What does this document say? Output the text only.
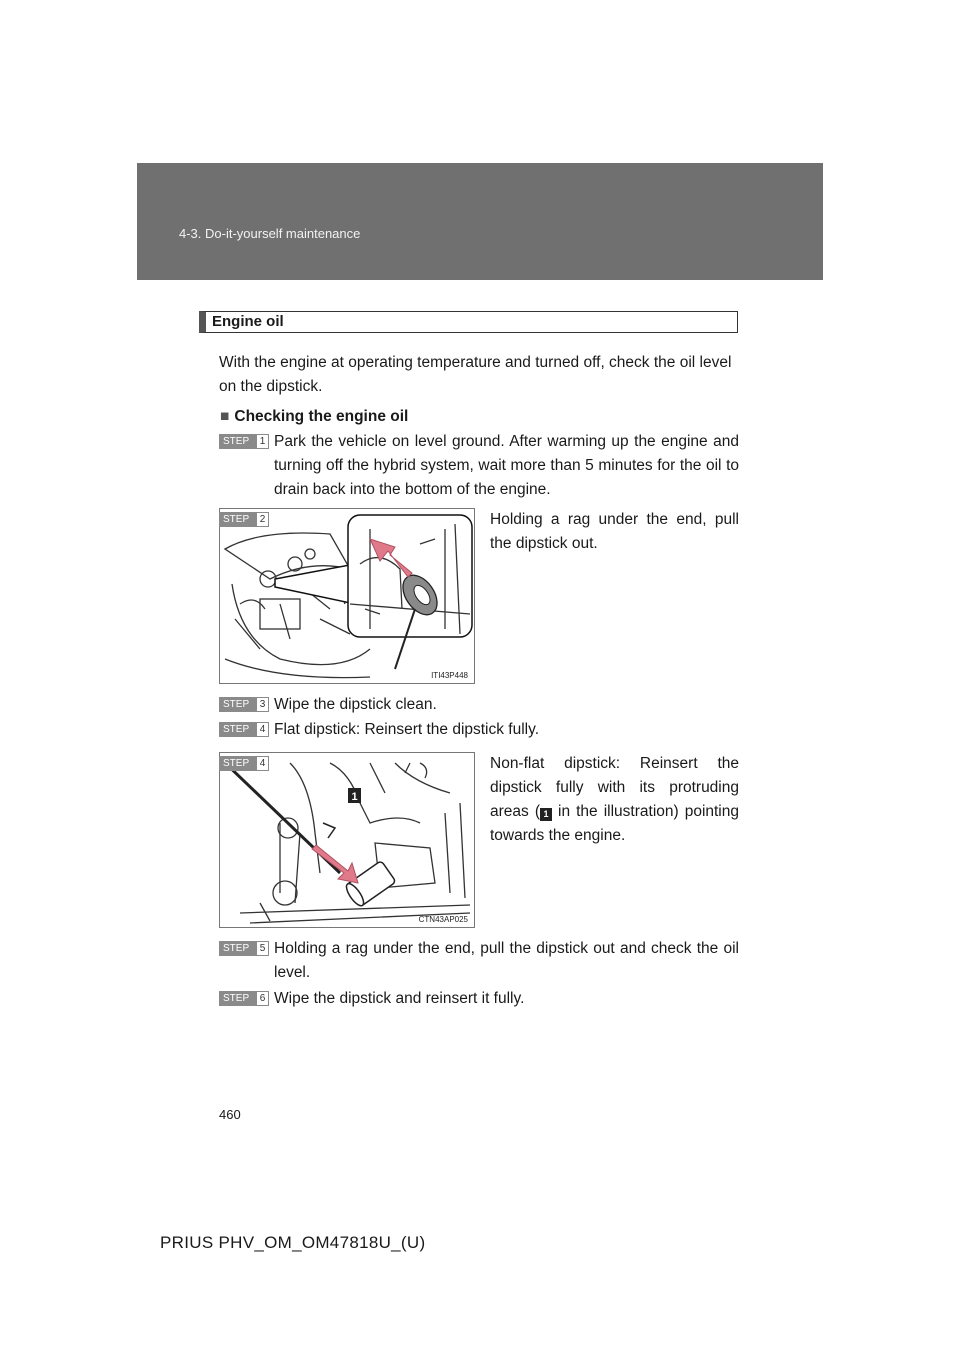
4-3. Do-it-yourself maintenance
Engine oil
With the engine at operating temperature and turned off, check the oil level on the dipstick.
■ Checking the engine oil
STEP	1 Park the vehicle on level ground. After warming up the engine and turning off the hybrid system, wait more than 5 minutes for the oil to drain back into the bottom of the engine.
ITI43P448
STEP	2	Holding a rag under the end, pull the dipstick out.
STEP	3 Wipe the dipstick clean.
STEP	4 Flat dipstick: Reinsert the dipstick fully.
1
CTN43AP025
STEP	4	Non-flat dipstick: Reinsert the dipstick fully with its protruding areas ( 1 in the illustration) pointing towards the engine.
STEP	5 Holding a rag under the end, pull the dipstick out and check the oil level.
STEP	6 Wipe the dipstick and reinsert it fully.
460
PRIUS PHV_OM_OM47818U_(U)
